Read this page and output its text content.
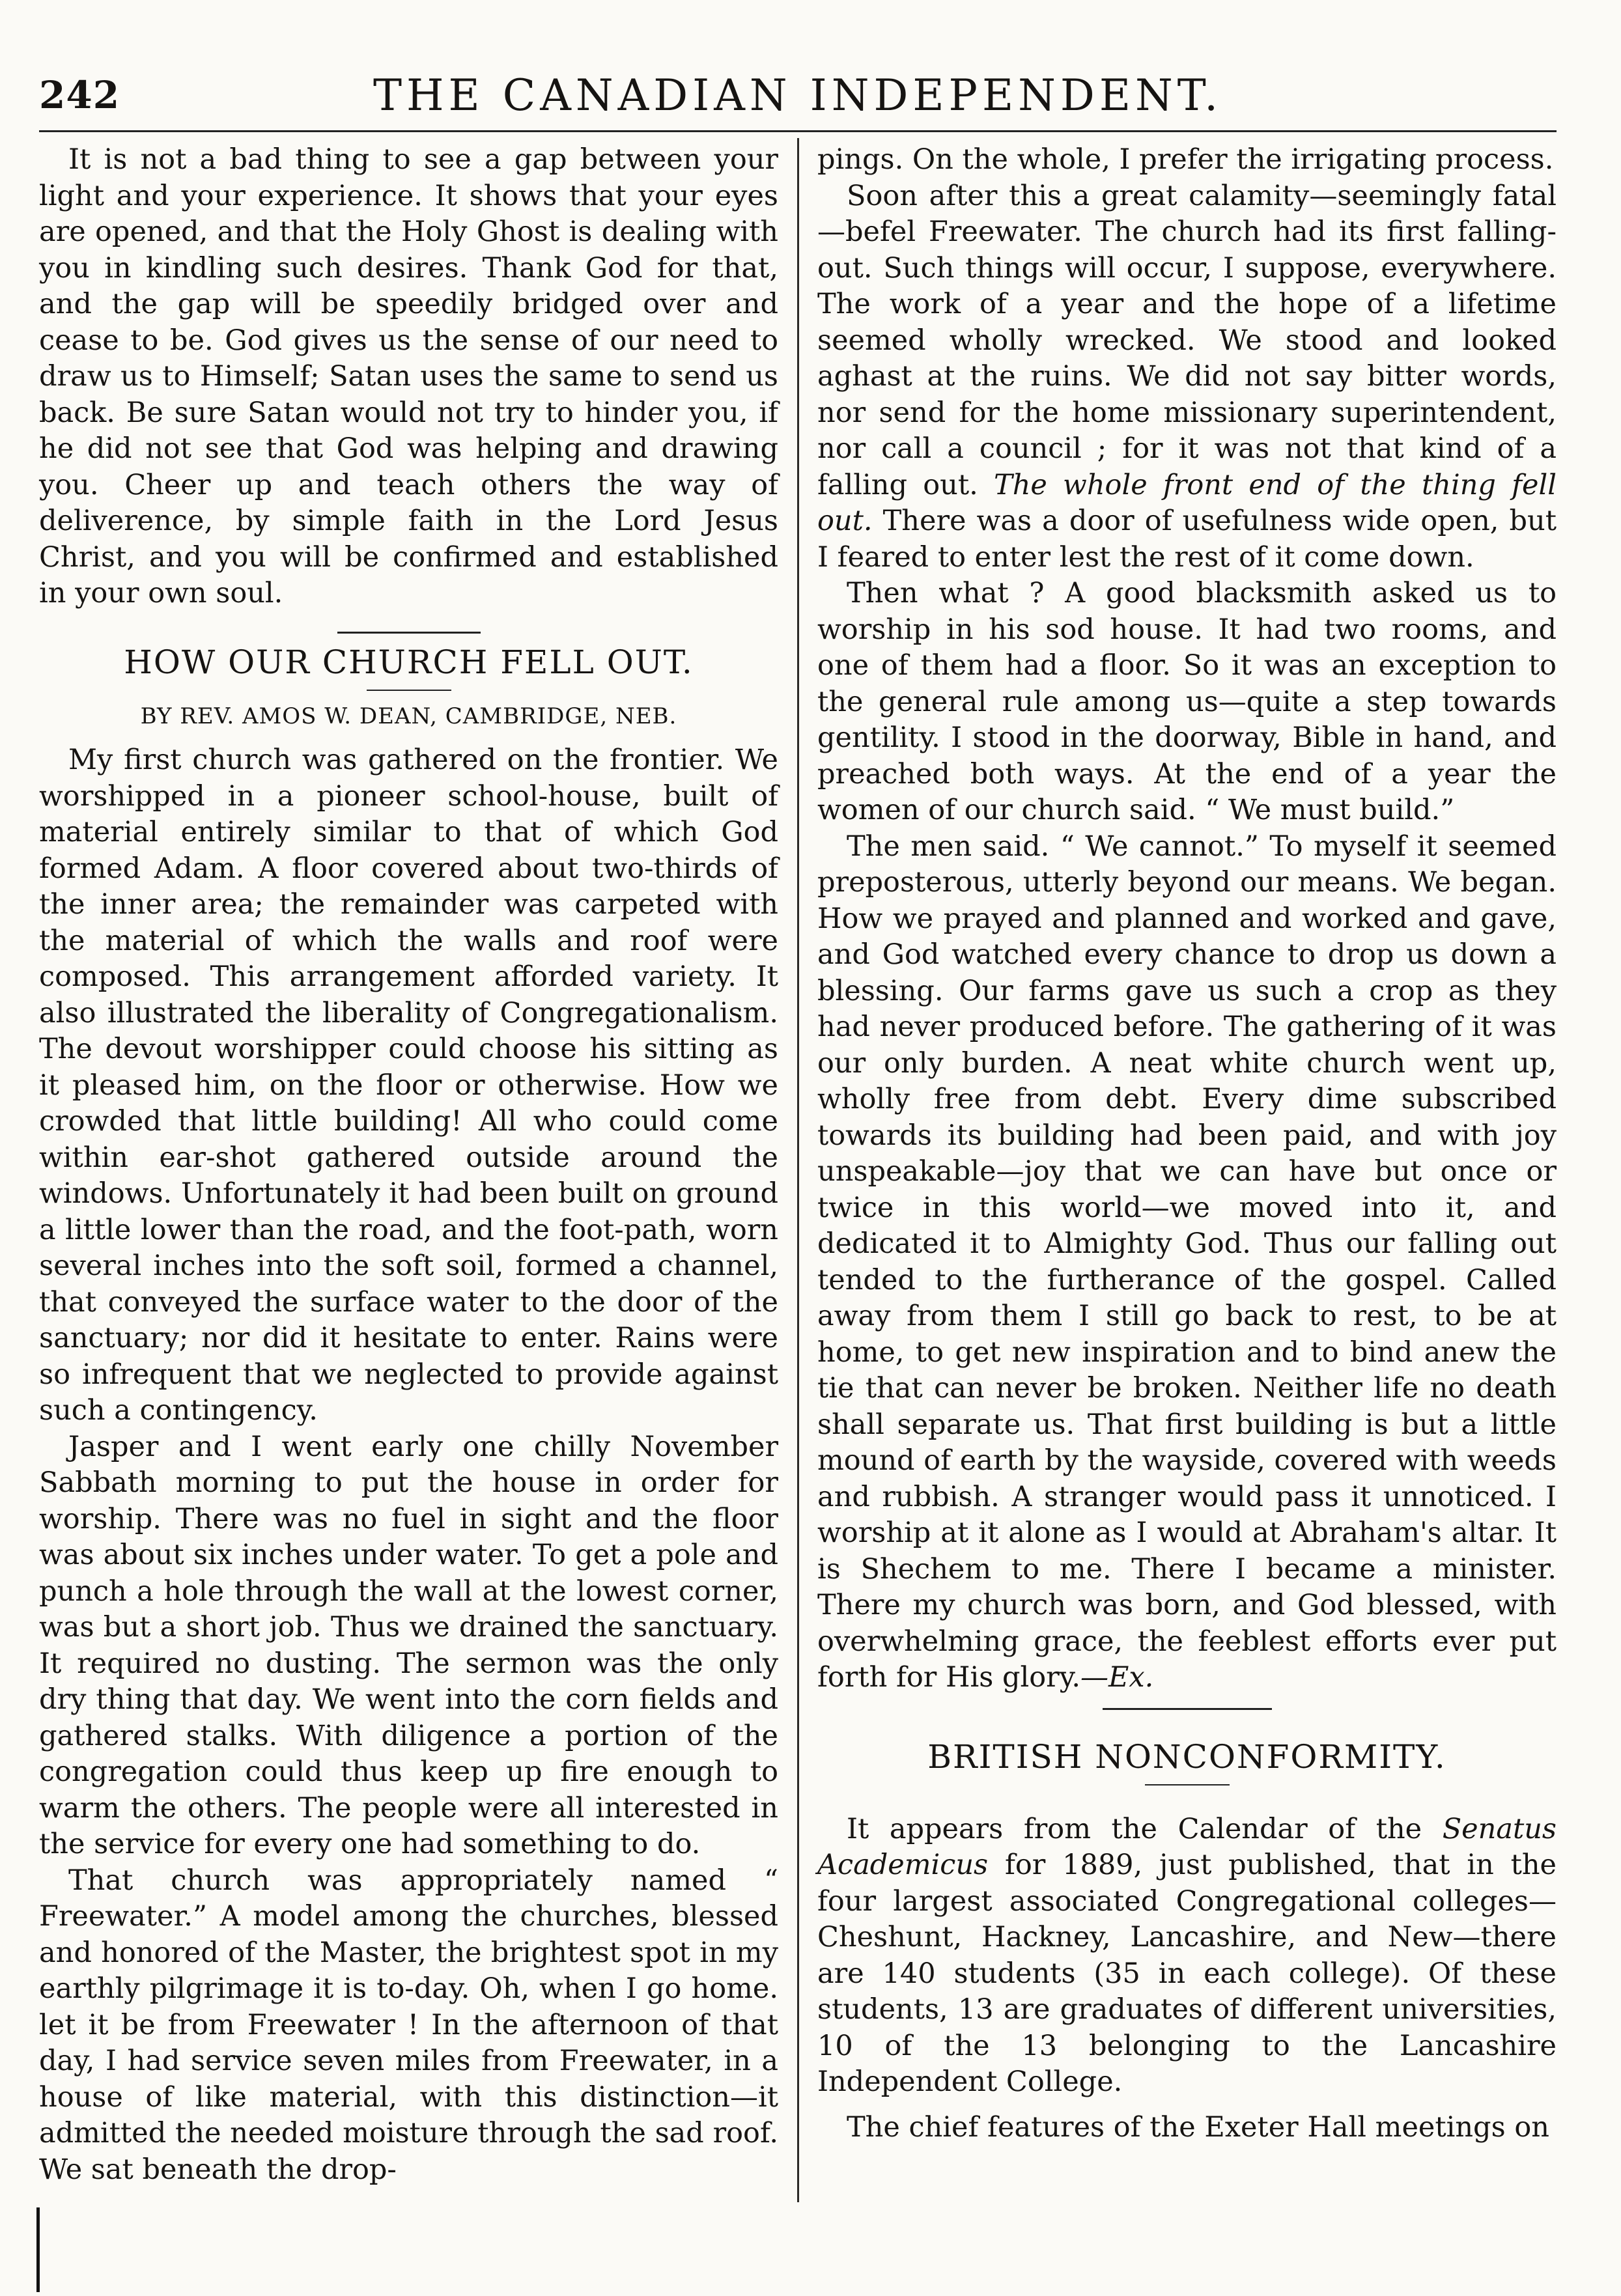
242	THE CANADIAN INDEPENDENT.

It is not a bad thing to see a gap between your light and your experience. It shows that your eyes are opened, and that the Holy Ghost is dealing with you in kindling such desires. Thank God for that, and the gap will be speedily bridged over and cease to be. God gives us the sense of our need to draw us to Himself; Satan uses the same to send us back. Be sure Satan would not try to hinder you, if he did not see that God was helping and drawing you. Cheer up and teach others the way of deliverence, by simple faith in the Lord Jesus Christ, and you will be confirmed and established in your own soul.

HOW OUR CHURCH FELL OUT.
BY REV. AMOS W. DEAN, CAMBRIDGE, NEB.

My first church was gathered on the frontier. We worshipped in a pioneer school-house, built of material entirely similar to that of which God formed Adam. A floor covered about two-thirds of the inner area; the remainder was carpeted with the material of which the walls and roof were composed. This arrangement afforded variety. It also illustrated the liberality of Congregationalism. The devout worshipper could choose his sitting as it pleased him, on the floor or otherwise. How we crowded that little building! All who could come within ear-shot gathered outside around the windows. Unfortunately it had been built on ground a little lower than the road, and the foot-path, worn several inches into the soft soil, formed a channel, that conveyed the surface water to the door of the sanctuary; nor did it hesitate to enter. Rains were so infrequent that we neglected to provide against such a contingency.

Jasper and I went early one chilly November Sabbath morning to put the house in order for worship. There was no fuel in sight and the floor was about six inches under water. To get a pole and punch a hole through the wall at the lowest corner, was but a short job. Thus we drained the sanctuary. It required no dusting. The sermon was the only dry thing that day. We went into the corn fields and gathered stalks. With diligence a portion of the congregation could thus keep up fire enough to warm the others. The people were all interested in the service for every one had something to do.

That church was appropriately named “ Freewater.” A model among the churches, blessed and honored of the Master, the brightest spot in my earthly pilgrimage it is to-day. Oh, when I go home. let it be from Freewater ! In the afternoon of that day, I had service seven miles from Freewater, in a house of like material, with this distinction—it admitted the needed moisture through the sad roof. We sat beneath the drop-

pings. On the whole, I prefer the irrigating process.

Soon after this a great calamity—seemingly fatal—befel Freewater. The church had its first falling-out. Such things will occur, I suppose, everywhere. The work of a year and the hope of a lifetime seemed wholly wrecked. We stood and looked aghast at the ruins. We did not say bitter words, nor send for the home missionary superintendent, nor call a council ; for it was not that kind of a falling out. The whole front end of the thing fell out. There was a door of usefulness wide open, but I feared to enter lest the rest of it come down.

Then what ? A good blacksmith asked us to worship in his sod house. It had two rooms, and one of them had a floor. So it was an exception to the general rule among us—quite a step towards gentility. I stood in the doorway, Bible in hand, and preached both ways. At the end of a year the women of our church said. “ We must build.”

The men said. “ We cannot.” To myself it seemed preposterous, utterly beyond our means. We began. How we prayed and planned and worked and gave, and God watched every chance to drop us down a blessing. Our farms gave us such a crop as they had never produced before. The gathering of it was our only burden. A neat white church went up, wholly free from debt. Every dime subscribed towards its building had been paid, and with joy unspeakable—joy that we can have but once or twice in this world—we moved into it, and dedicated it to Almighty God. Thus our falling out tended to the furtherance of the gospel. Called away from them I still go back to rest, to be at home, to get new inspiration and to bind anew the tie that can never be broken. Neither life no death shall separate us. That first building is but a little mound of earth by the wayside, covered with weeds and rubbish. A stranger would pass it unnoticed. I worship at it alone as I would at Abraham's altar. It is Shechem to me. There I became a minister. There my church was born, and God blessed, with overwhelming grace, the feeblest efforts ever put forth for His glory.—Ex.

BRITISH NONCONFORMITY.

It appears from the Calendar of the Senatus Academicus for 1889, just published, that in the four largest associated Congregational colleges—Cheshunt, Hackney, Lancashire, and New—there are 140 students (35 in each college). Of these students, 13 are graduates of different universities, 10 of the 13 belonging to the Lancashire Independent College.

The chief features of the Exeter Hall meetings on
